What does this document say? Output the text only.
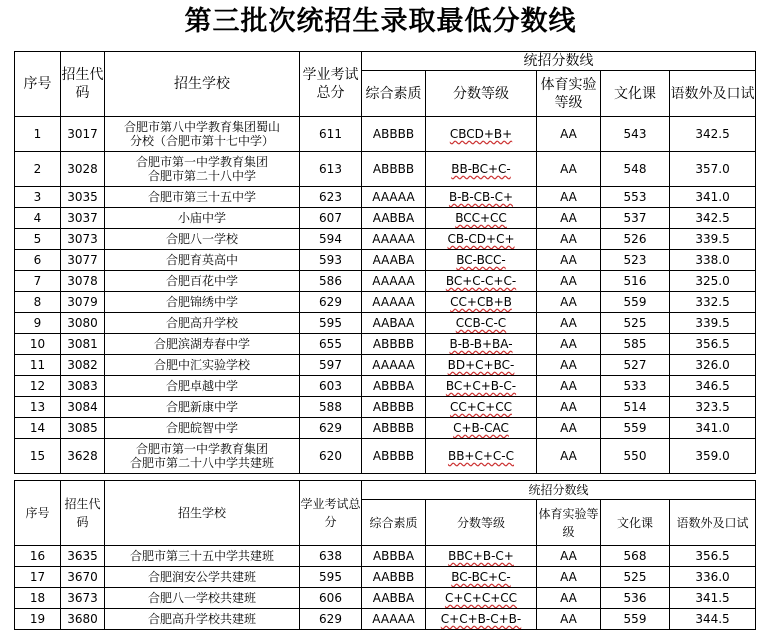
第三批次统招生录取最低分数线
序号	招生代码	招生学校	学业考试总分	统招分数线				
				综合素质	分数等级	体育实验等级	文化课	语数外及口试
1	3017	合肥市第八中学教育集团蜀山
分校（合肥市第十七中学）	611	ABBBB	CBCD+B+	AA	543	342.5
2	3028	合肥市第一中学教育集团
合肥市第二十八中学	613	ABBBB	BB-BC+C-	AA	548	357.0
3	3035	合肥市第三十五中学	623	AAAAA	B-B-CB-C+	AA	553	341.0
4	3037	小庙中学	607	AABBA	BCC+CC	AA	537	342.5
5	3073	合肥八一学校	594	AAAAA	CB-CD+C+	AA	526	339.5
6	3077	合肥育英高中	593	AAABA	BC-BCC-	AA	523	338.0
7	3078	合肥百花中学	586	AAAAA	BC+C-C+C-	AA	516	325.0
8	3079	合肥锦绣中学	629	AAAAA	CC+CB+B	AA	559	332.5
9	3080	合肥高升学校	595	AABAA	CCB-C-C	AA	525	339.5
10	3081	合肥滨湖寿春中学	655	ABBBB	B-B-B+BA-	AA	585	356.5
11	3082	合肥中汇实验学校	597	AAAAA	BD+C+BC-	AA	527	326.0
12	3083	合肥卓越中学	603	ABBBA	BC+C+B-C-	AA	533	346.5
13	3084	合肥新康中学	588	ABBBB	CC+C+CC	AA	514	323.5
14	3085	合肥皖智中学	629	ABBBB	C+B-CAC	AA	559	341.0
15	3628	合肥市第一中学教育集团
合肥市第二十八中学共建班	620	ABBBB	BB+C+C-C	AA	550	359.0
序号	招生代码	招生学校	学业考试总分	统招分数线				
				综合素质	分数等级	体育实验等级	文化课	语数外及口试
16	3635	合肥市第三十五中学共建班	638	ABBBA	BBC+B-C+	AA	568	356.5
17	3670	合肥润安公学共建班	595	AABBB	BC-BC+C-	AA	525	336.0
18	3673	合肥八一学校共建班	606	AABBA	C+C+C+CC	AA	536	341.5
19	3680	合肥高升学校共建班	629	AAAAA	C+C+B-C+B-	AA	559	344.5
